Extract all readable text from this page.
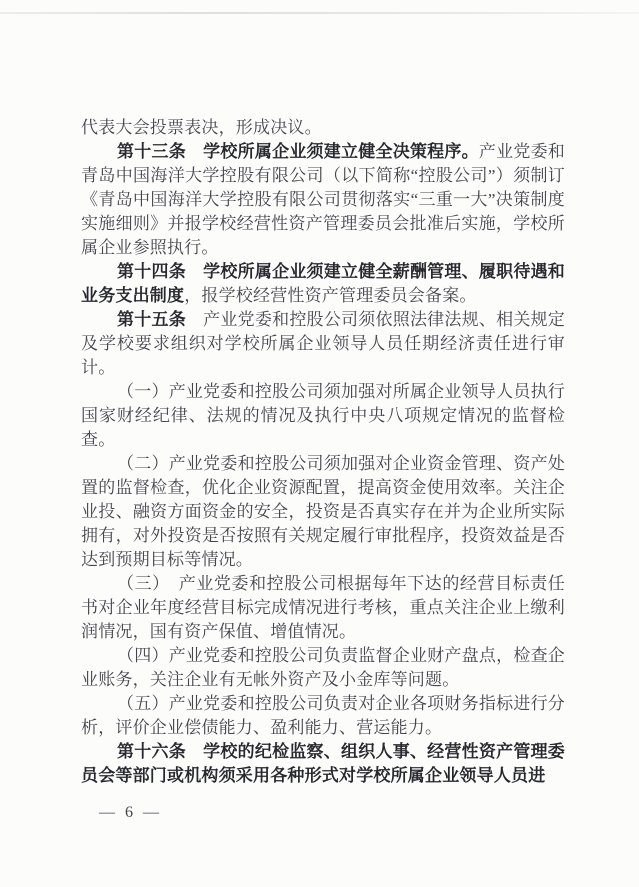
代表大会投票表决，形成决议。

第十三条　学校所属企业须建立健全决策程序。产业党委和青岛中国海洋大学控股有限公司（以下简称“控股公司”）须制订《青岛中国海洋大学控股有限公司贯彻落实“三重一大”决策制度实施细则》并报学校经营性资产管理委员会批准后实施，学校所属企业参照执行。

第十四条　学校所属企业须建立健全薪酬管理、履职待遇和业务支出制度，报学校经营性资产管理委员会备案。

第十五条　产业党委和控股公司须依照法律法规、相关规定及学校要求组织对学校所属企业领导人员任期经济责任进行审计。

（一）产业党委和控股公司须加强对所属企业领导人员执行国家财经纪律、法规的情况及执行中央八项规定情况的监督检查。

（二）产业党委和控股公司须加强对企业资金管理、资产处置的监督检查，优化企业资源配置，提高资金使用效率。关注企业投、融资方面资金的安全，投资是否真实存在并为企业所实际拥有，对外投资是否按照有关规定履行审批程序，投资效益是否达到预期目标等情况。

（三）　产业党委和控股公司根据每年下达的经营目标责任书对企业年度经营目标完成情况进行考核，重点关注企业上缴利润情况，国有资产保值、增值情况。

（四）产业党委和控股公司负责监督企业财产盘点，检查企业账务，关注企业有无帐外资产及小金库等问题。

（五）产业党委和控股公司负责对企业各项财务指标进行分析，评价企业偿债能力、盈利能力、营运能力。

第十六条　学校的纪检监察、组织人事、经营性资产管理委员会等部门或机构须采用各种形式对学校所属企业领导人员进

— 6 —
